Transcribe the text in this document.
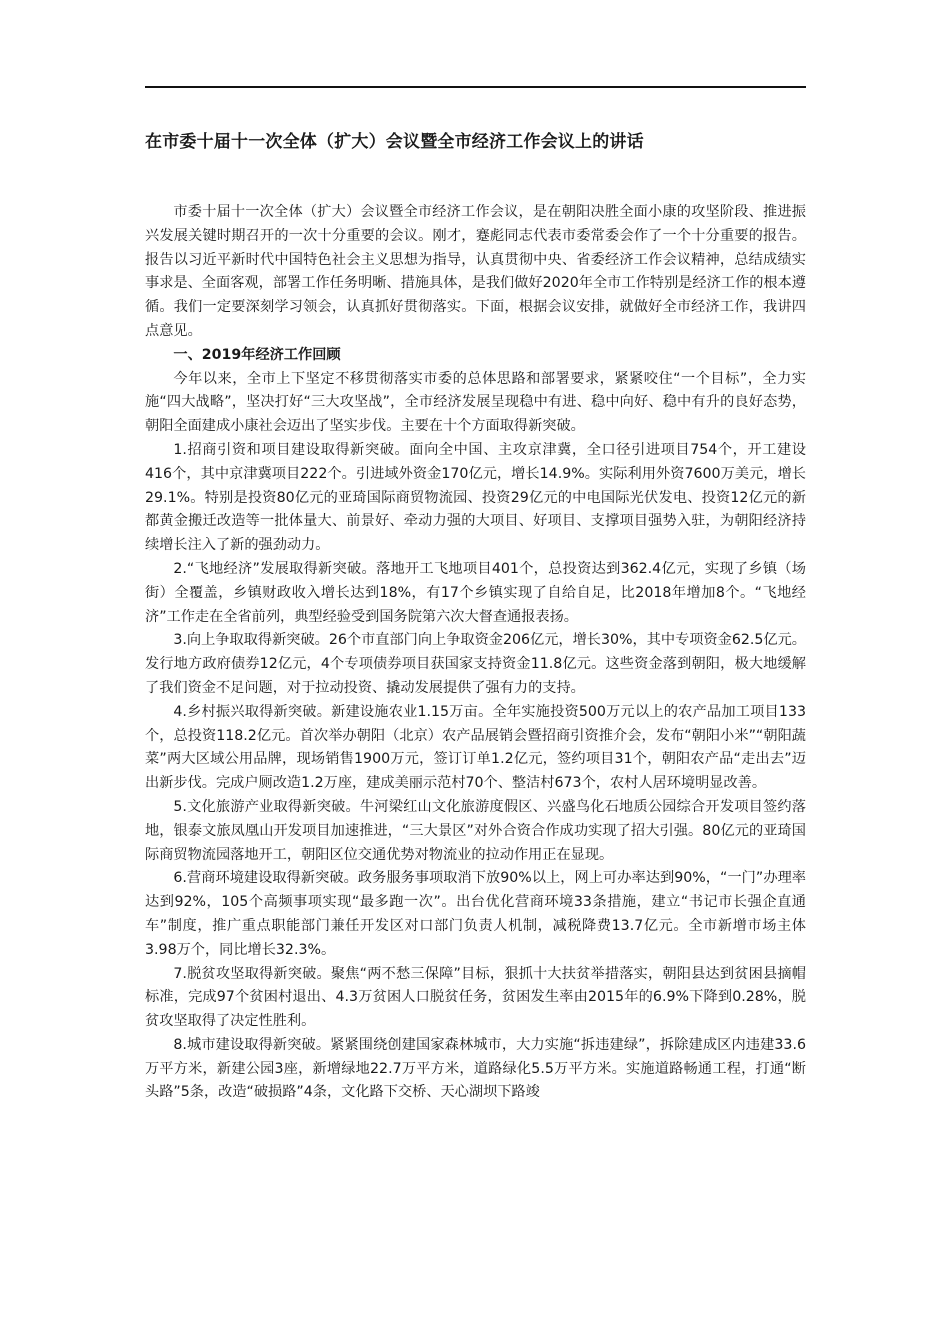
在市委十届十一次全体（扩大）会议暨全市经济工作会议上的讲话

市委十届十一次全体（扩大）会议暨全市经济工作会议，是在朝阳决胜全面小康的攻坚阶段、推进振兴发展关键时期召开的一次十分重要的会议。刚才，蹇彪同志代表市委常委会作了一个十分重要的报告。报告以习近平新时代中国特色社会主义思想为指导，认真贯彻中央、省委经济工作会议精神，总结成绩实事求是、全面客观，部署工作任务明晰、措施具体，是我们做好2020年全市工作特别是经济工作的根本遵循。我们一定要深刻学习领会，认真抓好贯彻落实。下面，根据会议安排，就做好全市经济工作，我讲四点意见。

一、2019年经济工作回顾

今年以来，全市上下坚定不移贯彻落实市委的总体思路和部署要求，紧紧咬住“一个目标”，全力实施“四大战略”，坚决打好“三大攻坚战”，全市经济发展呈现稳中有进、稳中向好、稳中有升的良好态势，朝阳全面建成小康社会迈出了坚实步伐。主要在十个方面取得新突破。

1.招商引资和项目建设取得新突破。面向全中国、主攻京津冀，全口径引进项目754个，开工建设416个，其中京津冀项目222个。引进域外资金170亿元，增长14.9%。实际利用外资7600万美元，增长29.1%。特别是投资80亿元的亚琦国际商贸物流园、投资29亿元的中电国际光伏发电、投资12亿元的新都黄金搬迁改造等一批体量大、前景好、牵动力强的大项目、好项目、支撑项目强势入驻，为朝阳经济持续增长注入了新的强劲动力。

2.“飞地经济”发展取得新突破。落地开工飞地项目401个，总投资达到362.4亿元，实现了乡镇（场街）全覆盖，乡镇财政收入增长达到18%，有17个乡镇实现了自给自足，比2018年增加8个。“飞地经济”工作走在全省前列，典型经验受到国务院第六次大督查通报表扬。

3.向上争取取得新突破。26个市直部门向上争取资金206亿元，增长30%，其中专项资金62.5亿元。发行地方政府债券12亿元，4个专项债券项目获国家支持资金11.8亿元。这些资金落到朝阳，极大地缓解了我们资金不足问题，对于拉动投资、撬动发展提供了强有力的支持。

4.乡村振兴取得新突破。新建设施农业1.15万亩。全年实施投资500万元以上的农产品加工项目133个，总投资118.2亿元。首次举办朝阳（北京）农产品展销会暨招商引资推介会，发布“朝阳小米”“朝阳蔬菜”两大区域公用品牌，现场销售1900万元，签订订单1.2亿元，签约项目31个，朝阳农产品“走出去”迈出新步伐。完成户厕改造1.2万座，建成美丽示范村70个、整洁村673个，农村人居环境明显改善。

5.文化旅游产业取得新突破。牛河梁红山文化旅游度假区、兴盛鸟化石地质公园综合开发项目签约落地，银泰文旅凤凰山开发项目加速推进，“三大景区”对外合资合作成功实现了招大引强。80亿元的亚琦国际商贸物流园落地开工，朝阳区位交通优势对物流业的拉动作用正在显现。

6.营商环境建设取得新突破。政务服务事项取消下放90%以上，网上可办率达到90%，“一门”办理率达到92%，105个高频事项实现“最多跑一次”。出台优化营商环境33条措施，建立“书记市长强企直通车”制度，推广重点职能部门兼任开发区对口部门负责人机制，减税降费13.7亿元。全市新增市场主体3.98万个，同比增长32.3%。

7.脱贫攻坚取得新突破。聚焦“两不愁三保障”目标，狠抓十大扶贫举措落实，朝阳县达到贫困县摘帽标准，完成97个贫困村退出、4.3万贫困人口脱贫任务，贫困发生率由2015年的6.9%下降到0.28%，脱贫攻坚取得了决定性胜利。

8.城市建设取得新突破。紧紧围绕创建国家森林城市，大力实施“拆违建绿”，拆除建成区内违建33.6万平方米，新建公园3座，新增绿地22.7万平方米，道路绿化5.5万平方米。实施道路畅通工程，打通“断头路”5条，改造“破损路”4条，文化路下交桥、天心湖坝下路竣
